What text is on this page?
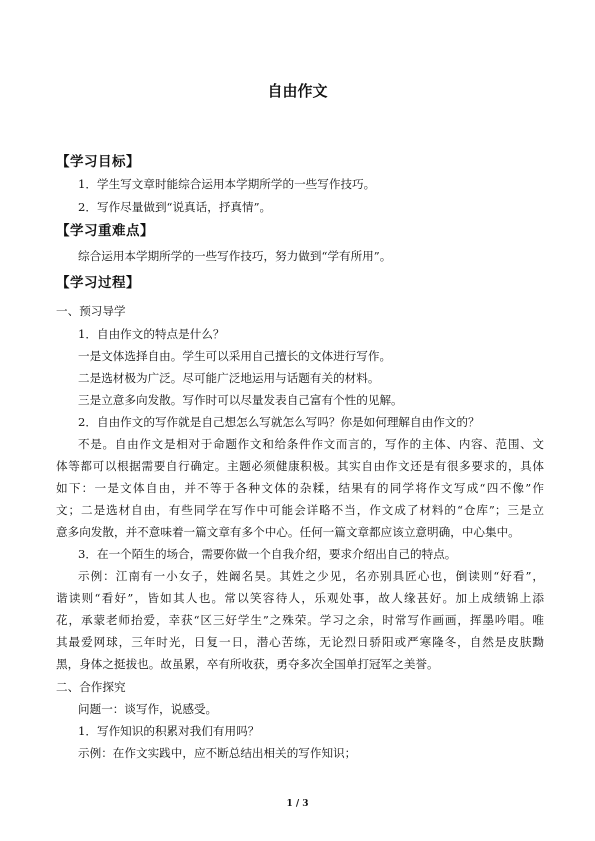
自由作文
【学习目标】
1．学生写文章时能综合运用本学期所学的一些写作技巧。
2．写作尽量做到“说真话，抒真情”。
【学习重难点】
综合运用本学期所学的一些写作技巧，努力做到“学有所用”。
【学习过程】
一、预习导学
1．自由作文的特点是什么？
一是文体选择自由。学生可以采用自己擅长的文体进行写作。
二是选材极为广泛。尽可能广泛地运用与话题有关的材料。
三是立意多向发散。写作时可以尽量发表自己富有个性的见解。
2．自由作文的写作就是自己想怎么写就怎么写吗？你是如何理解自由作文的？
不是。自由作文是相对于命题作文和给条件作文而言的，写作的主体、内容、范围、文
体等都可以根据需要自行确定。主题必须健康积极。其实自由作文还是有很多要求的，具体
如下：一是文体自由，并不等于各种文体的杂糅，结果有的同学将作文写成“四不像”作
文；二是选材自由，有些同学在写作中可能会详略不当，作文成了材料的“仓库”；三是立
意多向发散，并不意味着一篇文章有多个中心。任何一篇文章都应该立意明确，中心集中。
3．在一个陌生的场合，需要你做一个自我介绍，要求介绍出自己的特点。
示例：江南有一小女子，姓阚名昊。其姓之少见，名亦别具匠心也，倒读则“好看”，
谐读则“看好”，皆如其人也。常以笑容待人，乐观处事，故人缘甚好。加上成绩锦上添
花，承蒙老师抬爱，幸获“区三好学生”之殊荣。学习之余，时常写作画画，挥墨吟唱。唯
其最爱网球，三年时光，日复一日，潜心苦练，无论烈日骄阳或严寒隆冬，自然是皮肤黝
黑，身体之挺拔也。故虽累，卒有所收获，勇夺多次全国单打冠军之美誉。
二、合作探究
问题一：谈写作，说感受。
1．写作知识的积累对我们有用吗？
示例：在作文实践中，应不断总结出相关的写作知识；
1 / 3
